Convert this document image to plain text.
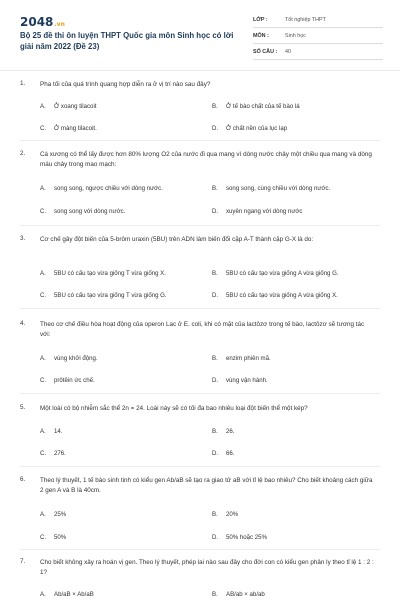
2048.vn
Bộ 25 đề thi ôn luyện THPT Quốc gia môn Sinh học có lời giải năm 2022 (Đề 23)
LỚP :	Tốt nghiệp THPT
MÔN :	Sinh học
SỐ CÂU :	40
1. Pha tối của quá trình quang hợp diễn ra ở vị trí nào sau đây?
A. Ở xoang tilacoit	B. Ở tế bào chất của tế bào lá
C. Ở màng tilacoit.	D. Ở chất nền của lục lạp
2. Cá xương có thể lấy được hơn 80% lượng O2 của nước đi qua mang vì dòng nước chảy một chiều qua mang và dòng máu chảy trong mao mạch:
A. song song, ngược chiều với dòng nước.	B. song song, cùng chiều với dòng nước.
C. song song với dòng nước.	D. xuyên ngang với dòng nước
3. Cơ chế gây đột biến của 5-brôm uraxin (5BU) trên ADN làm biến đổi cặp A-T thành cặp G-X là do:
A. 5BU có cấu tạo vừa giống T vừa giống X.	B. 5BU có cấu tạo vừa giống A vừa giống G.
C. 5BU có cấu tạo vừa giống T vừa giống G.	D. 5BU có cấu tạo vừa giống A vừa giống X.
4. Theo cơ chế điều hòa hoạt động của operon Lac ở E. coli, khi có mặt của lactôzơ trong tế bào, lactôzơ sẽ tương tác với:
A. vùng khởi động.	B. enzim phiên mã.
C. prôtêin ức chế.	D. vùng vận hành.
5. Một loài có bộ nhiễm sắc thể 2n = 24. Loài này sẽ có tối đa bao nhiêu loại đột biến thể một kép?
A. 14.	B. 26.
C. 276.	D. 66.
6. Theo lý thuyết, 1 tế bào sinh tinh có kiểu gen Ab/aB sẽ tạo ra giao tử aB với tỉ lệ bao nhiêu? Cho biết khoảng cách giữa 2 gen A và B là 40cm.
A. 25%	B. 20%
C. 50%	D. 50% hoặc 25%
7. Cho biết không xảy ra hoán vị gen. Theo lý thuyết, phép lai nào sau đây cho đời con có kiểu gen phân ly theo tỉ lệ 1 : 2 : 1?
A. Ab/aB × Ab/aB	B. AB/ab × ab/ab
